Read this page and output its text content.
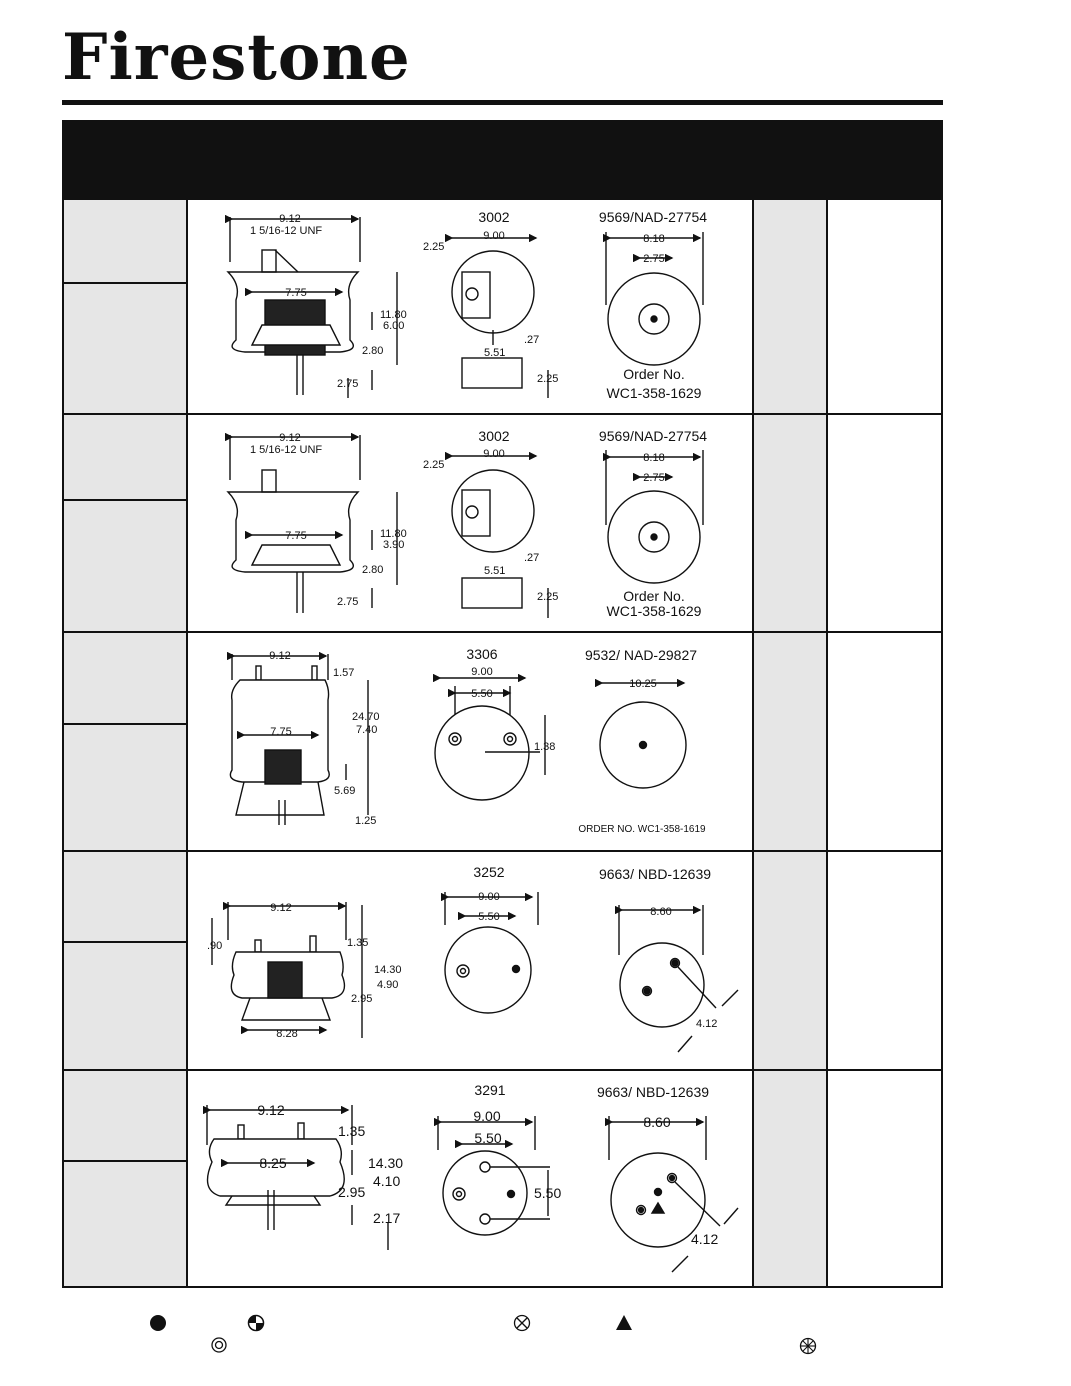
Firestone
9.12
1 5/16-12 UNF
7.75
11.80
6.00
2.80
2.75
3002
9.00
2.25
.27
5.51
2.25
9569/NAD-27754
8.18
2.75
Order No.
WC1-358-1629
9.12
1 5/16-12 UNF
7.75	11.80
3.90
2.80
2.75
3002
9.00
2.25
.27
5.51
2.25
9569/NAD-27754
8.18
2.75
Order No.
WC1-358-1629
9.12
1.57
7.75
24.70
7.40
5.69
1.25
3306
9.00
5.50
1.38
9532/ NAD-29827
10.25
ORDER NO. WC1-358-1619
9.12
.90	1.35
14.30
4.90
2.95
8.28
3252
9.00
5.50
9663/ NBD-12639
8.60
4.12
9.12
1.35
8.25	14.30
4.10
2.95
2.17
3291
9.00
5.50
5.50
9663/ NBD-12639
8.60
4.12
